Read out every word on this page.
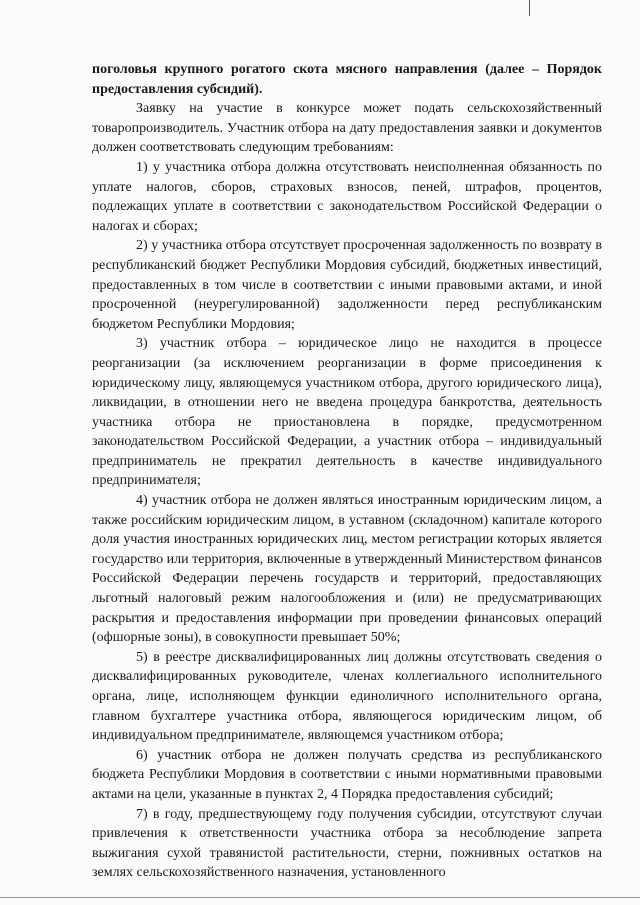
поголовья крупного рогатого скота мясного направления (далее – Порядок предоставления субсидий).

Заявку на участие в конкурсе может подать сельскохозяйственный товаропроизводитель. Участник отбора на дату предоставления заявки и документов должен соответствовать следующим требованиям:

1) у участника отбора должна отсутствовать неисполненная обязанность по уплате налогов, сборов, страховых взносов, пеней, штрафов, процентов, подлежащих уплате в соответствии с законодательством Российской Федерации о налогах и сборах;

2) у участника отбора отсутствует просроченная задолженность по возврату в республиканский бюджет Республики Мордовия субсидий, бюджетных инвестиций, предоставленных в том числе в соответствии с иными правовыми актами, и иной просроченной (неурегулированной) задолженности перед республиканским бюджетом Республики Мордовия;

3) участник отбора – юридическое лицо не находится в процессе реорганизации (за исключением реорганизации в форме присоединения к юридическому лицу, являющемуся участником отбора, другого юридического лица), ликвидации, в отношении него не введена процедура банкротства, деятельность участника отбора не приостановлена в порядке, предусмотренном законодательством Российской Федерации, а участник отбора – индивидуальный предприниматель не прекратил деятельность в качестве индивидуального предпринимателя;

4) участник отбора не должен являться иностранным юридическим лицом, а также российским юридическим лицом, в уставном (складочном) капитале которого доля участия иностранных юридических лиц, местом регистрации которых является государство или территория, включенные в утвержденный Министерством финансов Российской Федерации перечень государств и территорий, предоставляющих льготный налоговый режим налогообложения и (или) не предусматривающих раскрытия и предоставления информации при проведении финансовых операций (офшорные зоны), в совокупности превышает 50%;

5) в реестре дисквалифицированных лиц должны отсутствовать сведения о дисквалифицированных руководителе, членах коллегиального исполнительного органа, лице, исполняющем функции единоличного исполнительного органа, главном бухгалтере участника отбора, являющегося юридическим лицом, об индивидуальном предпринимателе, являющемся участником отбора;

6) участник отбора не должен получать средства из республиканского бюджета Республики Мордовия в соответствии с иными нормативными правовыми актами на цели, указанные в пунктах 2, 4 Порядка предоставления субсидий;

7) в году, предшествующему году получения субсидии, отсутствуют случаи привлечения к ответственности участника отбора за несоблюдение запрета выжигания сухой травянистой растительности, стерни, пожнивных остатков на землях сельскохозяйственного назначения, установленного
